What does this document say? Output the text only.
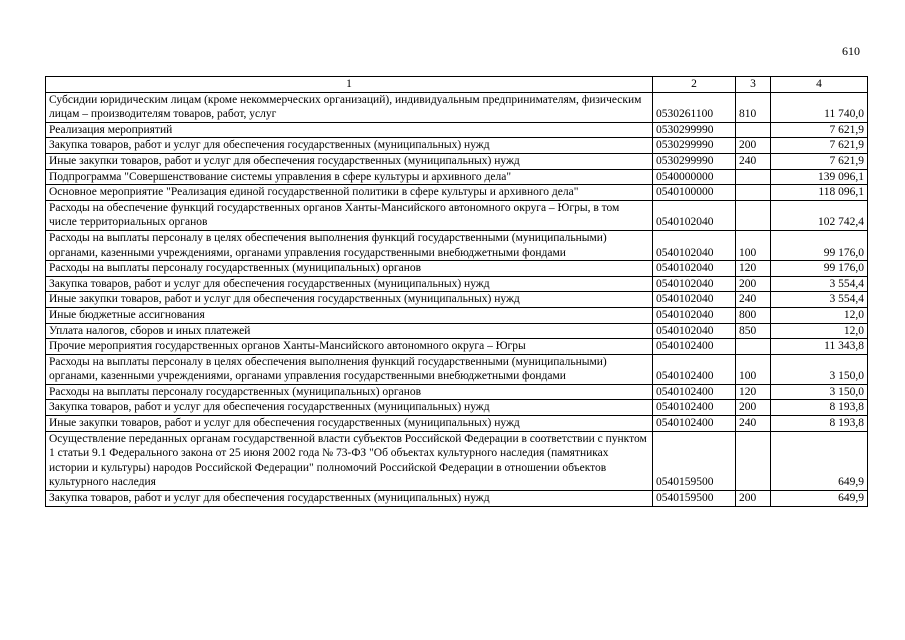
610
1	2	3	4
Субсидии юридическим лицам (кроме некоммерческих организаций), индивидуальным предпринимателям, физическим лицам – производителям товаров, работ, услуг	0530261100	810	11 740,0
Реализация мероприятий	0530299990		7 621,9
Закупка товаров, работ и услуг для обеспечения государственных (муниципальных) нужд	0530299990	200	7 621,9
Иные закупки товаров, работ и услуг для обеспечения государственных (муниципальных) нужд	0530299990	240	7 621,9
Подпрограмма "Совершенствование системы управления в сфере культуры и архивного дела"	0540000000		139 096,1
Основное мероприятие "Реализация единой государственной политики в сфере культуры и архивного дела"	0540100000		118 096,1
Расходы на обеспечение функций государственных органов Ханты-Мансийского автономного округа – Югры, в том числе территориальных органов	0540102040		102 742,4
Расходы на выплаты персоналу в целях обеспечения выполнения функций государственными (муниципальными) органами, казенными учреждениями, органами управления государственными внебюджетными фондами	0540102040	100	99 176,0
Расходы на выплаты персоналу государственных (муниципальных) органов	0540102040	120	99 176,0
Закупка товаров, работ и услуг для обеспечения государственных (муниципальных) нужд	0540102040	200	3 554,4
Иные закупки товаров, работ и услуг для обеспечения государственных (муниципальных) нужд	0540102040	240	3 554,4
Иные бюджетные ассигнования	0540102040	800	12,0
Уплата налогов, сборов и иных платежей	0540102040	850	12,0
Прочие мероприятия государственных органов Ханты-Мансийского автономного округа – Югры	0540102400		11 343,8
Расходы на выплаты персоналу в целях обеспечения выполнения функций государственными (муниципальными) органами, казенными учреждениями, органами управления государственными внебюджетными фондами	0540102400	100	3 150,0
Расходы на выплаты персоналу государственных (муниципальных) органов	0540102400	120	3 150,0
Закупка товаров, работ и услуг для обеспечения государственных (муниципальных) нужд	0540102400	200	8 193,8
Иные закупки товаров, работ и услуг для обеспечения государственных (муниципальных) нужд	0540102400	240	8 193,8
Осуществление переданных органам государственной власти субъектов Российской Федерации в соответствии с пунктом 1 статьи 9.1 Федерального закона от 25 июня 2002 года № 73-ФЗ "Об объектах культурного наследия (памятниках истории и культуры) народов Российской Федерации" полномочий Российской Федерации в отношении объектов культурного наследия	0540159500		649,9
Закупка товаров, работ и услуг для обеспечения государственных (муниципальных) нужд	0540159500	200	649,9
